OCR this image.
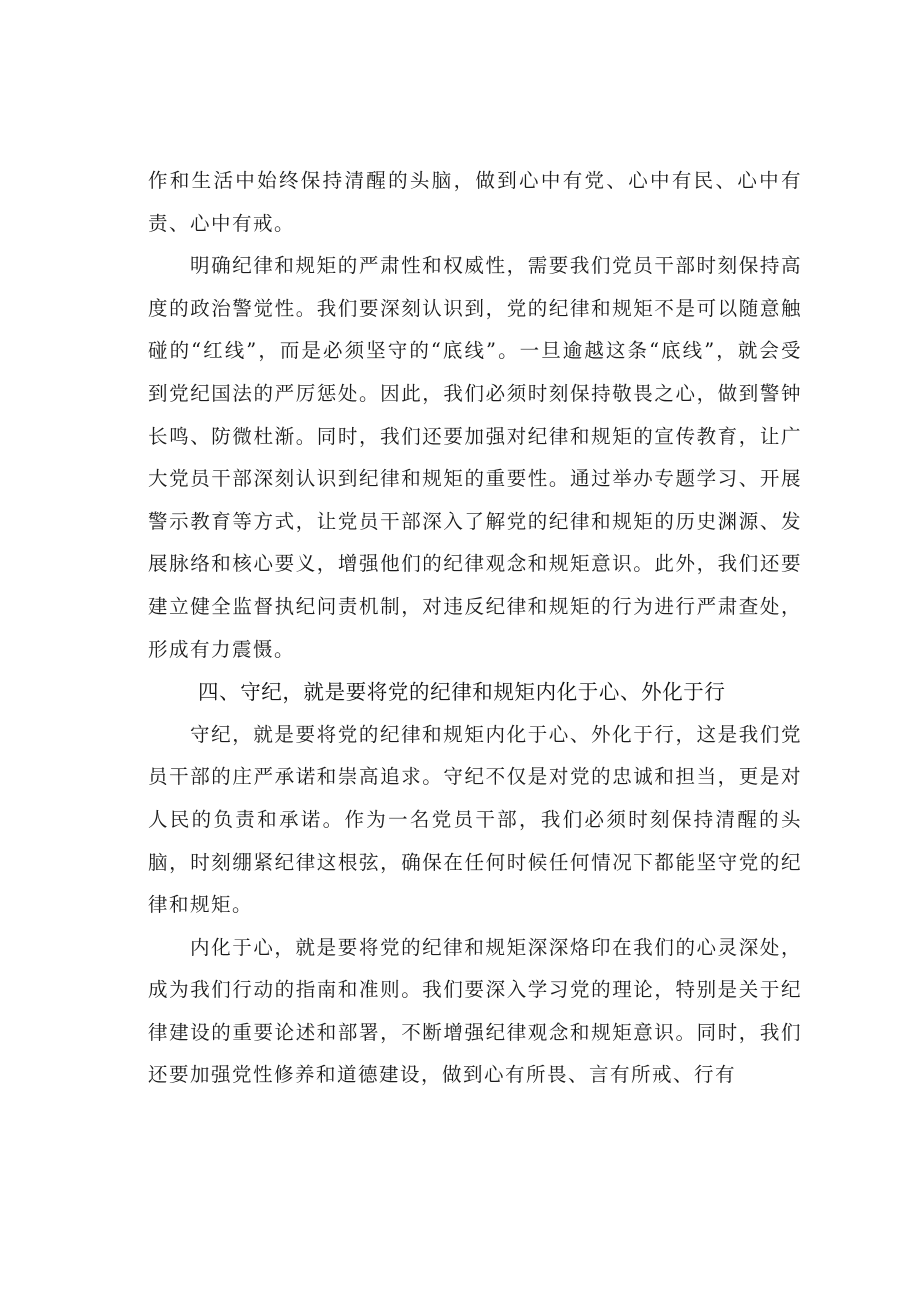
作和生活中始终保持清醒的头脑，做到心中有党、心中有民、心中有责、心中有戒。

明确纪律和规矩的严肃性和权威性，需要我们党员干部时刻保持高度的政治警觉性。我们要深刻认识到，党的纪律和规矩不是可以随意触碰的“红线”，而是必须坚守的“底线”。一旦逾越这条“底线”，就会受到党纪国法的严厉惩处。因此，我们必须时刻保持敬畏之心，做到警钟长鸣、防微杜渐。同时，我们还要加强对纪律和规矩的宣传教育，让广大党员干部深刻认识到纪律和规矩的重要性。通过举办专题学习、开展警示教育等方式，让党员干部深入了解党的纪律和规矩的历史渊源、发展脉络和核心要义，增强他们的纪律观念和规矩意识。此外，我们还要建立健全监督执纪问责机制，对违反纪律和规矩的行为进行严肃查处，形成有力震慑。

四、守纪，就是要将党的纪律和规矩内化于心、外化于行

守纪，就是要将党的纪律和规矩内化于心、外化于行，这是我们党员干部的庄严承诺和崇高追求。守纪不仅是对党的忠诚和担当，更是对人民的负责和承诺。作为一名党员干部，我们必须时刻保持清醒的头脑，时刻绷紧纪律这根弦，确保在任何时候任何情况下都能坚守党的纪律和规矩。

内化于心，就是要将党的纪律和规矩深深烙印在我们的心灵深处，成为我们行动的指南和准则。我们要深入学习党的理论，特别是关于纪律建设的重要论述和部署，不断增强纪律观念和规矩意识。同时，我们还要加强党性修养和道德建设，做到心有所畏、言有所戒、行有
